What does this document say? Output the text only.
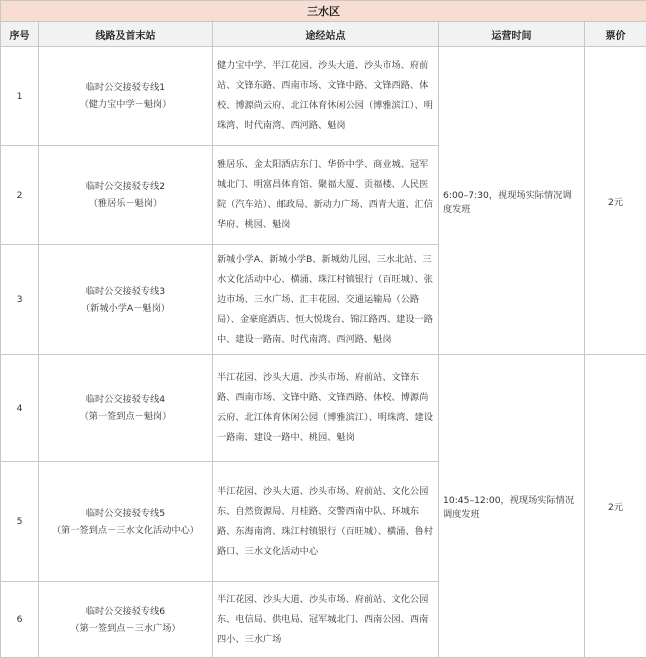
三水区				
序号	线路及首末站	途经站点	运营时间	票价
1	临时公交接驳专线1
（健力宝中学－魁岗）	健力宝中学、半江花园、沙头大道、沙头市场、府前站、文锋东路、西南市场、文锋中路、文锋西路、体校、博源尚云府、北江体育休闲公园（博雅滨江）、明珠湾、时代南湾、西河路、魁岗	6:00–7:30，视现场实际情况调度发班	2元
2	临时公交接驳专线2
（雅居乐－魁岗）	雅居乐、金太阳酒店东门、华侨中学、商业城、冠军城北门、明富昌体育馆、聚福大厦、贡福楼、人民医院（汽车站）、邮政局、新动力广场、西青大道、汇信华府、桃园、魁岗		
3	临时公交接驳专线3
（新城小学A－魁岗）	新城小学A、新城小学B、新城幼儿园、三水北站、三水文化活动中心、横涌、珠江村镇银行（百旺城）、张边市场、三水广场、汇丰花园、交通运输局（公路局）、金豪庭酒店、恒大悦珑台、锦江路西、建设一路中、建设一路南、时代南湾、西河路、魁岗		
4	临时公交接驳专线4
（第一签到点－魁岗）	半江花园、沙头大道、沙头市场、府前站、文锋东路、西南市场、文锋中路、文锋西路、体校、博源尚云府、北江体育休闲公园（博雅滨江）、明珠湾、建设一路南、建设一路中、桃园、魁岗	10:45–12:00，视现场实际情况调度发班	2元
5	临时公交接驳专线5
（第一签到点－三水文化活动中心）	半江花园、沙头大道、沙头市场、府前站、文化公园东、自然资源局、月桂路、交警西南中队、环城东路、东海南湾、珠江村镇银行（百旺城）、横涌、鲁村路口、三水文化活动中心		
6	临时公交接驳专线6
（第一签到点－三水广场）	半江花园、沙头大道、沙头市场、府前站、文化公园东、电信局、供电局、冠军城北门、西南公园、西南四小、三水广场		
